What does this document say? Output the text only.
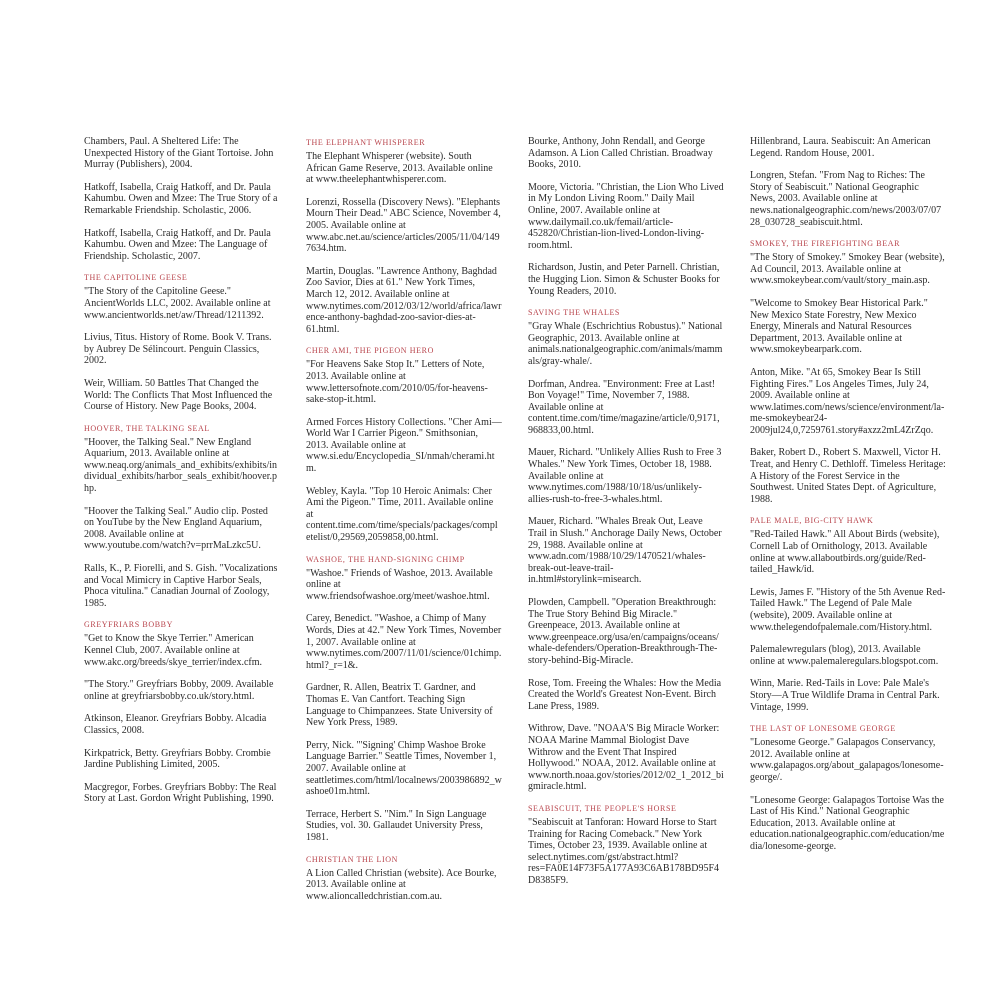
Chambers, Paul. A Sheltered Life: The Unexpected History of the Giant Tortoise. John Murray (Publishers), 2004.

Hatkoff, Isabella, Craig Hatkoff, and Dr. Paula Kahumbu. Owen and Mzee: The True Story of a Remarkable Friendship. Scholastic, 2006.

Hatkoff, Isabella, Craig Hatkoff, and Dr. Paula Kahumbu. Owen and Mzee: The Language of Friendship. Scholastic, 2007.

THE CAPITOLINE GEESE

"The Story of the Capitoline Geese." AncientWorlds LLC, 2002. Available online at www.ancientworlds.net/aw/Thread/1211392.

Livius, Titus. History of Rome. Book V. Trans. by Aubrey De Sélincourt. Penguin Classics, 2002.

Weir, William. 50 Battles That Changed the World: The Conflicts That Most Influenced the Course of History. New Page Books, 2004.

HOOVER, THE TALKING SEAL

"Hoover, the Talking Seal." New England Aquarium, 2013. Available online at www.neaq.org/animals_and_exhibits/exhibits/individual_exhibits/harbor_seals_exhibit/hoover.php.

"Hoover the Talking Seal." Audio clip. Posted on YouTube by the New England Aquarium, 2008. Available online at www.youtube.com/watch?v=prrMaLzkc5U.

Ralls, K., P. Fiorelli, and S. Gish. "Vocalizations and Vocal Mimicry in Captive Harbor Seals, Phoca vitulina." Canadian Journal of Zoology, 1985.

GREYFRIARS BOBBY

"Get to Know the Skye Terrier." American Kennel Club, 2007. Available online at www.akc.org/breeds/skye_terrier/index.cfm.

"The Story." Greyfriars Bobby, 2009. Available online at greyfriarsbobby.co.uk/story.html.

Atkinson, Eleanor. Greyfriars Bobby. Alcadia Classics, 2008.

Kirkpatrick, Betty. Greyfriars Bobby. Crombie Jardine Publishing Limited, 2005.

Macgregor, Forbes. Greyfriars Bobby: The Real Story at Last. Gordon Wright Publishing, 1990.

THE ELEPHANT WHISPERER

The Elephant Whisperer (website). South African Game Reserve, 2013. Available online at www.theelephantwhisperer.com.

Lorenzi, Rossella (Discovery News). "Elephants Mourn Their Dead." ABC Science, November 4, 2005. Available online at www.abc.net.au/science/articles/2005/11/04/1497634.htm.

Martin, Douglas. "Lawrence Anthony, Baghdad Zoo Savior, Dies at 61." New York Times, March 12, 2012. Available online at www.nytimes.com/2012/03/12/world/africa/lawrence-anthony-baghdad-zoo-savior-dies-at-61.html.

CHER AMI, THE PIGEON HERO

"For Heavens Sake Stop It." Letters of Note, 2013. Available online at www.lettersofnote.com/2010/05/for-heavens-sake-stop-it.html.

Armed Forces History Collections. "Cher Ami—World War I Carrier Pigeon." Smithsonian, 2013. Available online at www.si.edu/Encyclopedia_SI/nmah/cherami.htm.

Webley, Kayla. "Top 10 Heroic Animals: Cher Ami the Pigeon." Time, 2011. Available online at content.time.com/time/specials/packages/completelist/0,29569,2059858,00.html.

WASHOE, THE HAND-SIGNING CHIMP

"Washoe." Friends of Washoe, 2013. Available online at www.friendsofwashoe.org/meet/washoe.html.

Carey, Benedict. "Washoe, a Chimp of Many Words, Dies at 42." New York Times, November 1, 2007. Available online at www.nytimes.com/2007/11/01/science/01chimp.html?_r=1&.

Gardner, R. Allen, Beatrix T. Gardner, and Thomas E. Van Cantfort. Teaching Sign Language to Chimpanzees. State University of New York Press, 1989.

Perry, Nick. "'Signing' Chimp Washoe Broke Language Barrier." Seattle Times, November 1, 2007. Available online at seattletimes.com/html/localnews/2003986892_washoe01m.html.

Terrace, Herbert S. "Nim." In Sign Language Studies, vol. 30. Gallaudet University Press, 1981.

CHRISTIAN THE LION

A Lion Called Christian (website). Ace Bourke, 2013. Available online at www.alioncalledchristian.com.au.

Bourke, Anthony, John Rendall, and George Adamson. A Lion Called Christian. Broadway Books, 2010.

Moore, Victoria. "Christian, the Lion Who Lived in My London Living Room." Daily Mail Online, 2007. Available online at www.dailymail.co.uk/femail/article-452820/Christian-lion-lived-London-living-room.html.

Richardson, Justin, and Peter Parnell. Christian, the Hugging Lion. Simon & Schuster Books for Young Readers, 2010.

SAVING THE WHALES

"Gray Whale (Eschrichtius Robustus)." National Geographic, 2013. Available online at animals.nationalgeographic.com/animals/mammals/gray-whale/.

Dorfman, Andrea. "Environment: Free at Last! Bon Voyage!" Time, November 7, 1988. Available online at content.time.com/time/magazine/article/0,9171,968833,00.html.

Mauer, Richard. "Unlikely Allies Rush to Free 3 Whales." New York Times, October 18, 1988. Available online at www.nytimes.com/1988/10/18/us/unlikely-allies-rush-to-free-3-whales.html.

Mauer, Richard. "Whales Break Out, Leave Trail in Slush." Anchorage Daily News, October 29, 1988. Available online at www.adn.com/1988/10/29/1470521/whales-break-out-leave-trail-in.html#storylink=misearch.

Plowden, Campbell. "Operation Breakthrough: The True Story Behind Big Miracle." Greenpeace, 2013. Available online at www.greenpeace.org/usa/en/campaigns/oceans/whale-defenders/Operation-Breakthrough-The-story-behind-Big-Miracle.

Rose, Tom. Freeing the Whales: How the Media Created the World's Greatest Non-Event. Birch Lane Press, 1989.

Withrow, Dave. "NOAA'S Big Miracle Worker: NOAA Marine Mammal Biologist Dave Withrow and the Event That Inspired Hollywood." NOAA, 2012. Available online at www.north.noaa.gov/stories/2012/02_1_2012_bigmiracle.html.

SEABISCUIT, THE PEOPLE'S HORSE

"Seabiscuit at Tanforan: Howard Horse to Start Training for Racing Comeback." New York Times, October 23, 1939. Available online at select.nytimes.com/gst/abstract.html?res=FA0E14F73F5A177A93C6AB178BD95F4D8385F9.

Hillenbrand, Laura. Seabiscuit: An American Legend. Random House, 2001.

Longren, Stefan. "From Nag to Riches: The Story of Seabiscuit." National Geographic News, 2003. Available online at news.nationalgeographic.com/news/2003/07/0728_030728_seabiscuit.html.

SMOKEY, THE FIREFIGHTING BEAR

"The Story of Smokey." Smokey Bear (website), Ad Council, 2013. Available online at www.smokeybear.com/vault/story_main.asp.

"Welcome to Smokey Bear Historical Park." New Mexico State Forestry, New Mexico Energy, Minerals and Natural Resources Department, 2013. Available online at www.smokeybearpark.com.

Anton, Mike. "At 65, Smokey Bear Is Still Fighting Fires." Los Angeles Times, July 24, 2009. Available online at www.latimes.com/news/science/environment/la-me-smokeybear24-2009jul24,0,7259761.story#axzz2mL4ZrZqo.

Baker, Robert D., Robert S. Maxwell, Victor H. Treat, and Henry C. Dethloff. Timeless Heritage: A History of the Forest Service in the Southwest. United States Dept. of Agriculture, 1988.

PALE MALE, BIG-CITY HAWK

"Red-Tailed Hawk." All About Birds (website), Cornell Lab of Ornithology, 2013. Available online at www.allaboutbirds.org/guide/Red-tailed_Hawk/id.

Lewis, James F. "History of the 5th Avenue Red-Tailed Hawk." The Legend of Pale Male (website), 2009. Available online at www.thelegendofpalemale.com/History.html.

Palemalewregulars (blog), 2013. Available online at www.palemaleregulars.blogspot.com.

Winn, Marie. Red-Tails in Love: Pale Male's Story—A True Wildlife Drama in Central Park. Vintage, 1999.

THE LAST OF LONESOME GEORGE

"Lonesome George." Galapagos Conservancy, 2012. Available online at www.galapagos.org/about_galapagos/lonesome-george/.

"Lonesome George: Galapagos Tortoise Was the Last of His Kind." National Geographic Education, 2013. Available online at education.nationalgeographic.com/education/media/lonesome-george.
